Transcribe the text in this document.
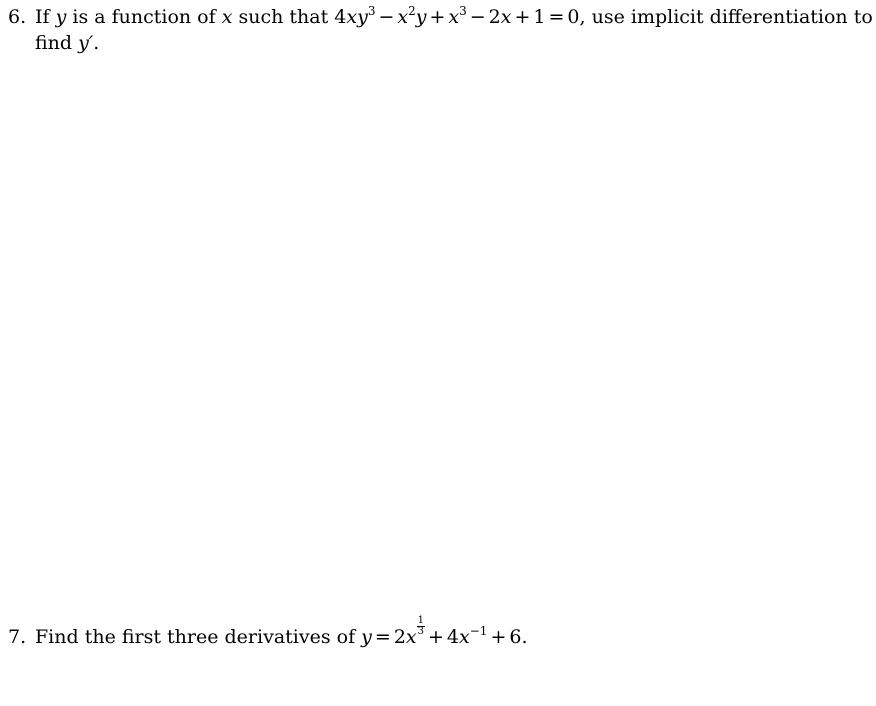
6. If y is a function of x such that $4xy^3 - x^2y + x^3 - 2x + 1 = 0$, use implicit differentiation to
find y′.
7. Find the first three derivatives of $y = 2x \frac{1}{3} + 4x^{-1} + 6$.
